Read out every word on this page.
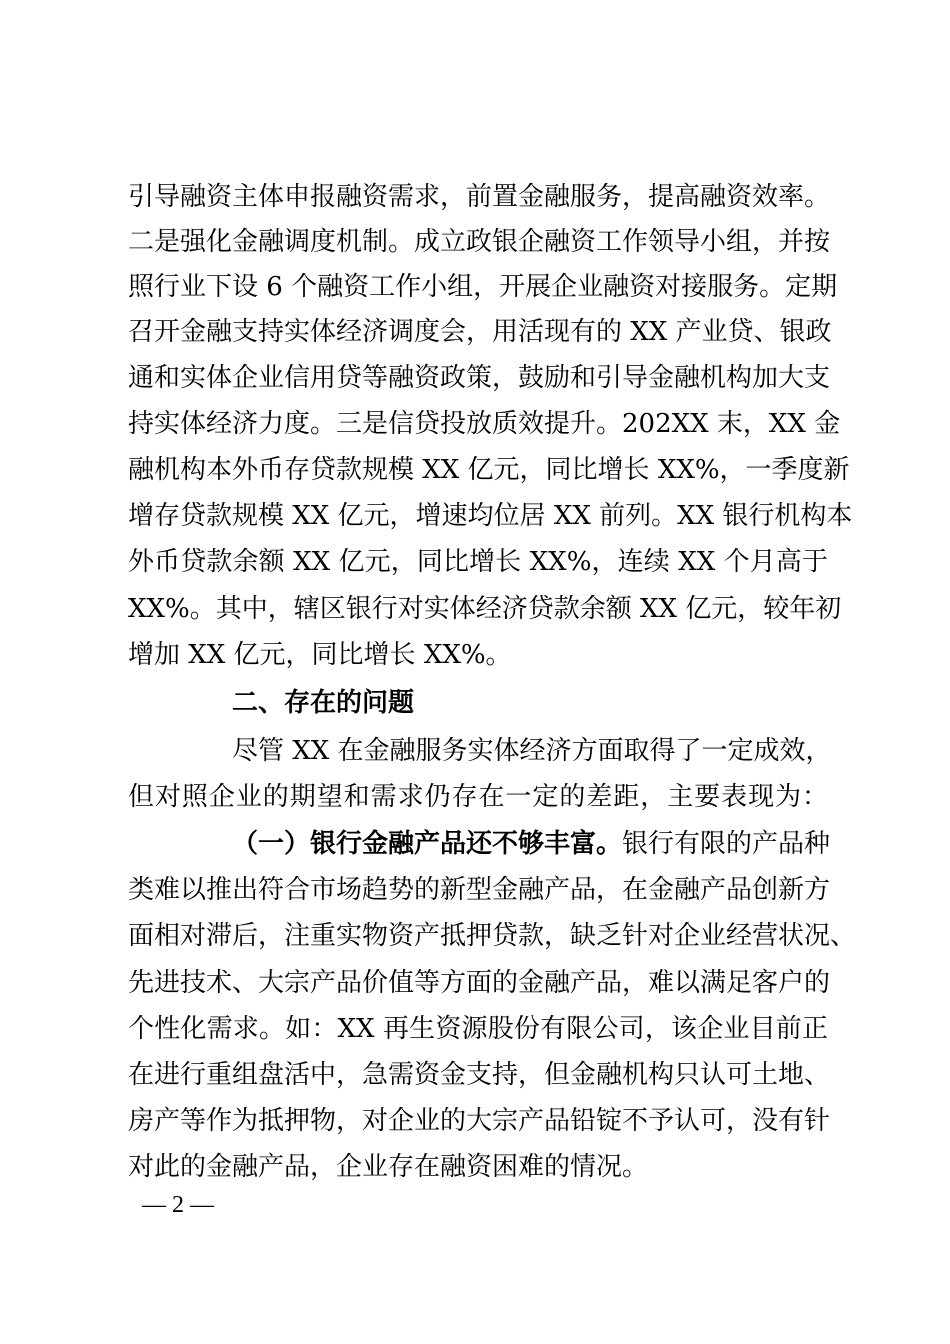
引导融资主体申报融资需求，前置金融服务，提高融资效率。
二是强化金融调度机制。成立政银企融资工作领导小组，并按
照行业下设 6 个融资工作小组，开展企业融资对接服务。定期
召开金融支持实体经济调度会，用活现有的 XX 产业贷、银政
通和实体企业信用贷等融资政策，鼓励和引导金融机构加大支
持实体经济力度。三是信贷投放质效提升。202XX 末，XX 金
融机构本外币存贷款规模 XX 亿元，同比增长 XX%，一季度新
增存贷款规模 XX 亿元，增速均位居 XX 前列。XX 银行机构本
外币贷款余额 XX 亿元，同比增长 XX%，连续 XX 个月高于
XX%。其中，辖区银行对实体经济贷款余额 XX 亿元，较年初
增加 XX 亿元，同比增长 XX%。
二、存在的问题
尽管 XX 在金融服务实体经济方面取得了一定成效，
但对照企业的期望和需求仍存在一定的差距，主要表现为：
（一）银行金融产品还不够丰富。银行有限的产品种
类难以推出符合市场趋势的新型金融产品，在金融产品创新方
面相对滞后，注重实物资产抵押贷款，缺乏针对企业经营状况、
先进技术、大宗产品价值等方面的金融产品，难以满足客户的
个性化需求。如：XX 再生资源股份有限公司，该企业目前正
在进行重组盘活中，急需资金支持，但金融机构只认可土地、
房产等作为抵押物，对企业的大宗产品铅锭不予认可，没有针
对此的金融产品，企业存在融资困难的情况。
— 2 —
